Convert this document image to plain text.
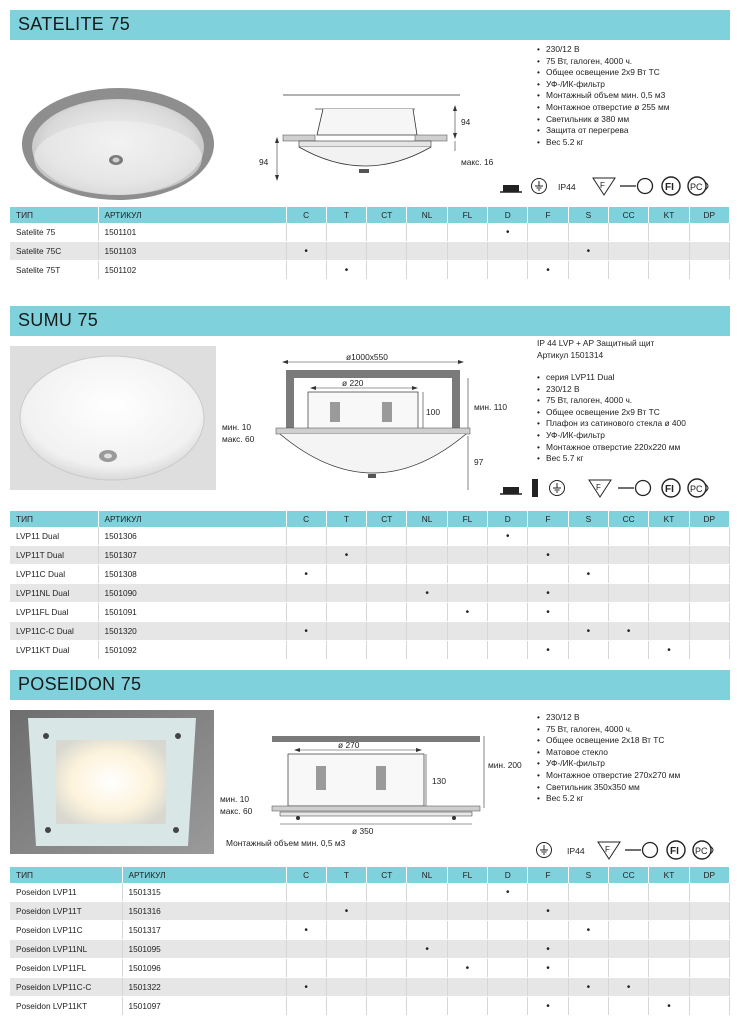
SATELITE 75
94
94	макс. 16
• 230/12 В
• 75 Вт, галоген, 4000 ч.
• Общее освещение 2х9 Вт ТС
• УФ-/ИК-фильтр
• Монтажный объем мин. 0,5 м3
• Монтажное отверстие ø 255 мм
• Светильник ø 380 мм
• Защита от перегрева
• Вес 5.2 кг
IP44	F	FI PC
ТИП	АРТИКУЛ	C	T	CT	NL	FL	D	F	S	CC	KT	DP
Satelite 75	1501101						•					
Satelite 75C	1501103	•							•			
Satelite 75T	1501102		•					•				
SUMU 75
ø1000x550
ø 220
100	мин. 110
мин. 10
макс. 60
97
IP 44 LVP + AP Защитный щит
Артикул 1501314
• серия LVP11 Dual
• 230/12 В
• 75 Вт, галоген, 4000 ч.
• Общее освещение 2х9 Вт ТС
• Плафон из сатинового стекла ø 400
• УФ-/ИК-фильтр
• Монтажное отверстие 220х220 мм
• Вес 5.7 кг
F	FI PC
ТИП	АРТИКУЛ	C	T	CT	NL	FL	D	F	S	CC	KT	DP
LVP11 Dual	1501306						•					
LVP11T Dual	1501307		•					•				
LVP11C Dual	1501308	•							•			
LVP11NL Dual	1501090				•			•				
LVP11FL Dual	1501091					•		•				
LVP11C-C Dual	1501320	•							•	•		
LVP11KT Dual	1501092							•			•	
POSEIDON 75
ø 270
130
мин. 200
мин. 10
макс. 60
ø 350
Монтажный объем мин. 0,5 м3
• 230/12 В
• 75 Вт, галоген, 4000 ч.
• Общее освещение 2х18 Вт ТС
• Матовое стекло
• УФ-/ИК-фильтр
• Монтажное отверстие 270х270 мм
• Светильник 350х350 мм
• Вес 5.2 кг
IP44	F	FI PC
ТИП	АРТИКУЛ	C	T	CT	NL	FL	D	F	S	CC	KT	DP
Poseidon LVP11	1501315						•					
Poseidon LVP11T	1501316		•					•				
Poseidon LVP11C	1501317	•							•			
Poseidon LVP11NL	1501095				•			•				
Poseidon LVP11FL	1501096					•		•				
Poseidon LVP11C-C	1501322	•							•	•		
Poseidon LVP11KT	1501097							•			•	
